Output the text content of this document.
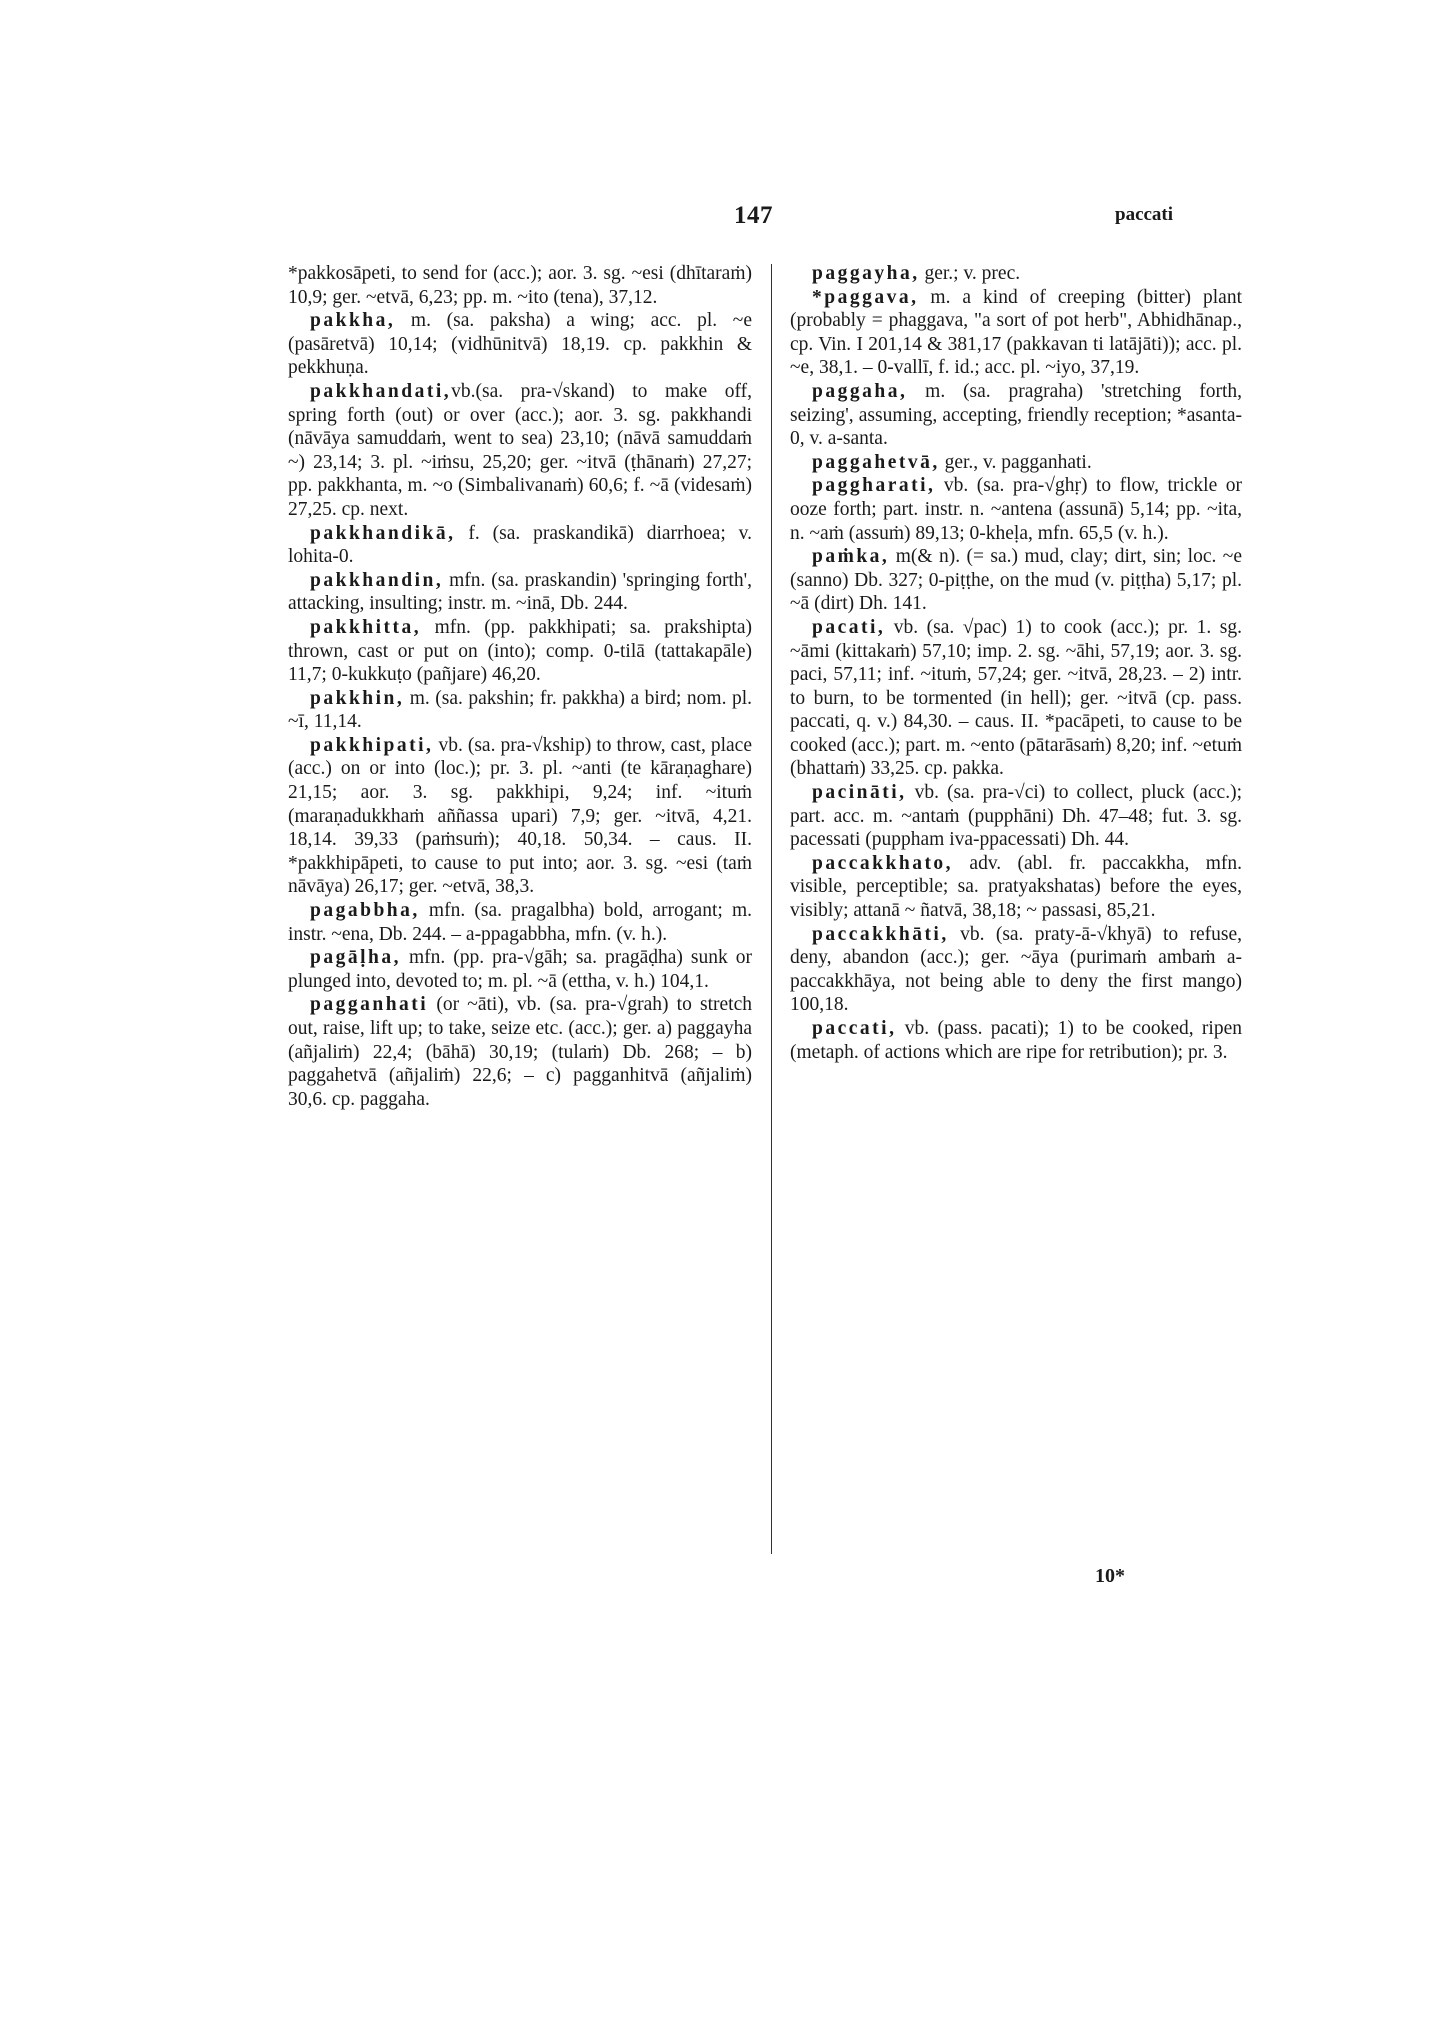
147	paccati

*pakkosāpeti, to send for (acc.); aor. 3. sg. ~esi (dhītaraṁ) 10,9; ger. ~etvā, 6,23; pp. m. ~ito (tena), 37,12.

pakkha, m. (sa. paksha) a wing; acc. pl. ~e (pasāretvā) 10,14; (vidhūnitvā) 18,19. cp. pakkhin & pekkhuṇa.

pakkhandati,vb.(sa. pra-√skand) to make off, spring forth (out) or over (acc.); aor. 3. sg. pakkhandi (nāvāya samuddaṁ, went to sea) 23,10; (nāvā samuddaṁ ~) 23,14; 3. pl. ~iṁsu, 25,20; ger. ~itvā (ṭhānaṁ) 27,27; pp. pakkhanta, m. ~o (Simbalivanaṁ) 60,6; f. ~ā (videsaṁ) 27,25. cp. next.

pakkhandikā, f. (sa. praskandikā) diarrhoea; v. lohita-0.

pakkhandin, mfn. (sa. praskandin) 'springing forth', attacking, insulting; instr. m. ~inā, Db. 244.

pakkhitta, mfn. (pp. pakkhipati; sa. prakshipta) thrown, cast or put on (into); comp. 0-tilā (tattakapāle) 11,7; 0-kukkuṭo (pañjare) 46,20.

pakkhin, m. (sa. pakshin; fr. pakkha) a bird; nom. pl. ~ī, 11,14.

pakkhipati, vb. (sa. pra-√kship) to throw, cast, place (acc.) on or into (loc.); pr. 3. pl. ~anti (te kāraṇaghare) 21,15; aor. 3. sg. pakkhipi, 9,24; inf. ~ituṁ (maraṇadukkhaṁ aññassa upari) 7,9; ger. ~itvā, 4,21. 18,14. 39,33 (paṁsuṁ); 40,18. 50,34. – caus. II. *pakkhipāpeti, to cause to put into; aor. 3. sg. ~esi (taṁ nāvāya) 26,17; ger. ~etvā, 38,3.

pagabbha, mfn. (sa. pragalbha) bold, arrogant; m. instr. ~ena, Db. 244. – a-ppagabbha, mfn. (v. h.).

pagāḷha, mfn. (pp. pra-√gāh; sa. pragāḍha) sunk or plunged into, devoted to; m. pl. ~ā (ettha, v. h.) 104,1.

pagganhati (or ~āti), vb. (sa. pra-√grah) to stretch out, raise, lift up; to take, seize etc. (acc.); ger. a) paggayha (añjaliṁ) 22,4; (bāhā) 30,19; (tulaṁ) Db. 268; – b) paggahetvā (añjaliṁ) 22,6; – c) pagganhitvā (añjaliṁ) 30,6. cp. paggaha.

paggayha, ger.; v. prec.

*paggava, m. a kind of creeping (bitter) plant (probably = phaggava, "a sort of pot herb", Abhidhānap., cp. Vin. I 201,14 & 381,17 (pakkavan ti latājāti)); acc. pl. ~e, 38,1. – 0-vallī, f. id.; acc. pl. ~iyo, 37,19.

paggaha, m. (sa. pragraha) 'stretching forth, seizing', assuming, accepting, friendly reception; *asanta-0, v. a-santa.

paggahetvā, ger., v. pagganhati.

paggharati, vb. (sa. pra-√ghṛ) to flow, trickle or ooze forth; part. instr. n. ~antena (assunā) 5,14; pp. ~ita, n. ~aṁ (assuṁ) 89,13; 0-kheḷa, mfn. 65,5 (v. h.).

paṁka, m(& n). (= sa.) mud, clay; dirt, sin; loc. ~e (sanno) Db. 327; 0-piṭṭhe, on the mud (v. piṭṭha) 5,17; pl. ~ā (dirt) Dh. 141.

pacati, vb. (sa. √pac) 1) to cook (acc.); pr. 1. sg. ~āmi (kittakaṁ) 57,10; imp. 2. sg. ~āhi, 57,19; aor. 3. sg. paci, 57,11; inf. ~ituṁ, 57,24; ger. ~itvā, 28,23. – 2) intr. to burn, to be tormented (in hell); ger. ~itvā (cp. pass. paccati, q. v.) 84,30. – caus. II. *pacāpeti, to cause to be cooked (acc.); part. m. ~ento (pātarāsaṁ) 8,20; inf. ~etuṁ (bhattaṁ) 33,25. cp. pakka.

pacināti, vb. (sa. pra-√ci) to collect, pluck (acc.); part. acc. m. ~antaṁ (pupphāni) Dh. 47–48; fut. 3. sg. pacessati (puppham iva-ppacessati) Dh. 44.

paccakkhato, adv. (abl. fr. paccakkha, mfn. visible, perceptible; sa. pratyakshatas) before the eyes, visibly; attanā ~ ñatvā, 38,18; ~ passasi, 85,21.

paccakkhāti, vb. (sa. praty-ā-√khyā) to refuse, deny, abandon (acc.); ger. ~āya (purimaṁ ambaṁ a-paccakkhāya, not being able to deny the first mango) 100,18.

paccati, vb. (pass. pacati); 1) to be cooked, ripen (metaph. of actions which are ripe for retribution); pr. 3.

10*
